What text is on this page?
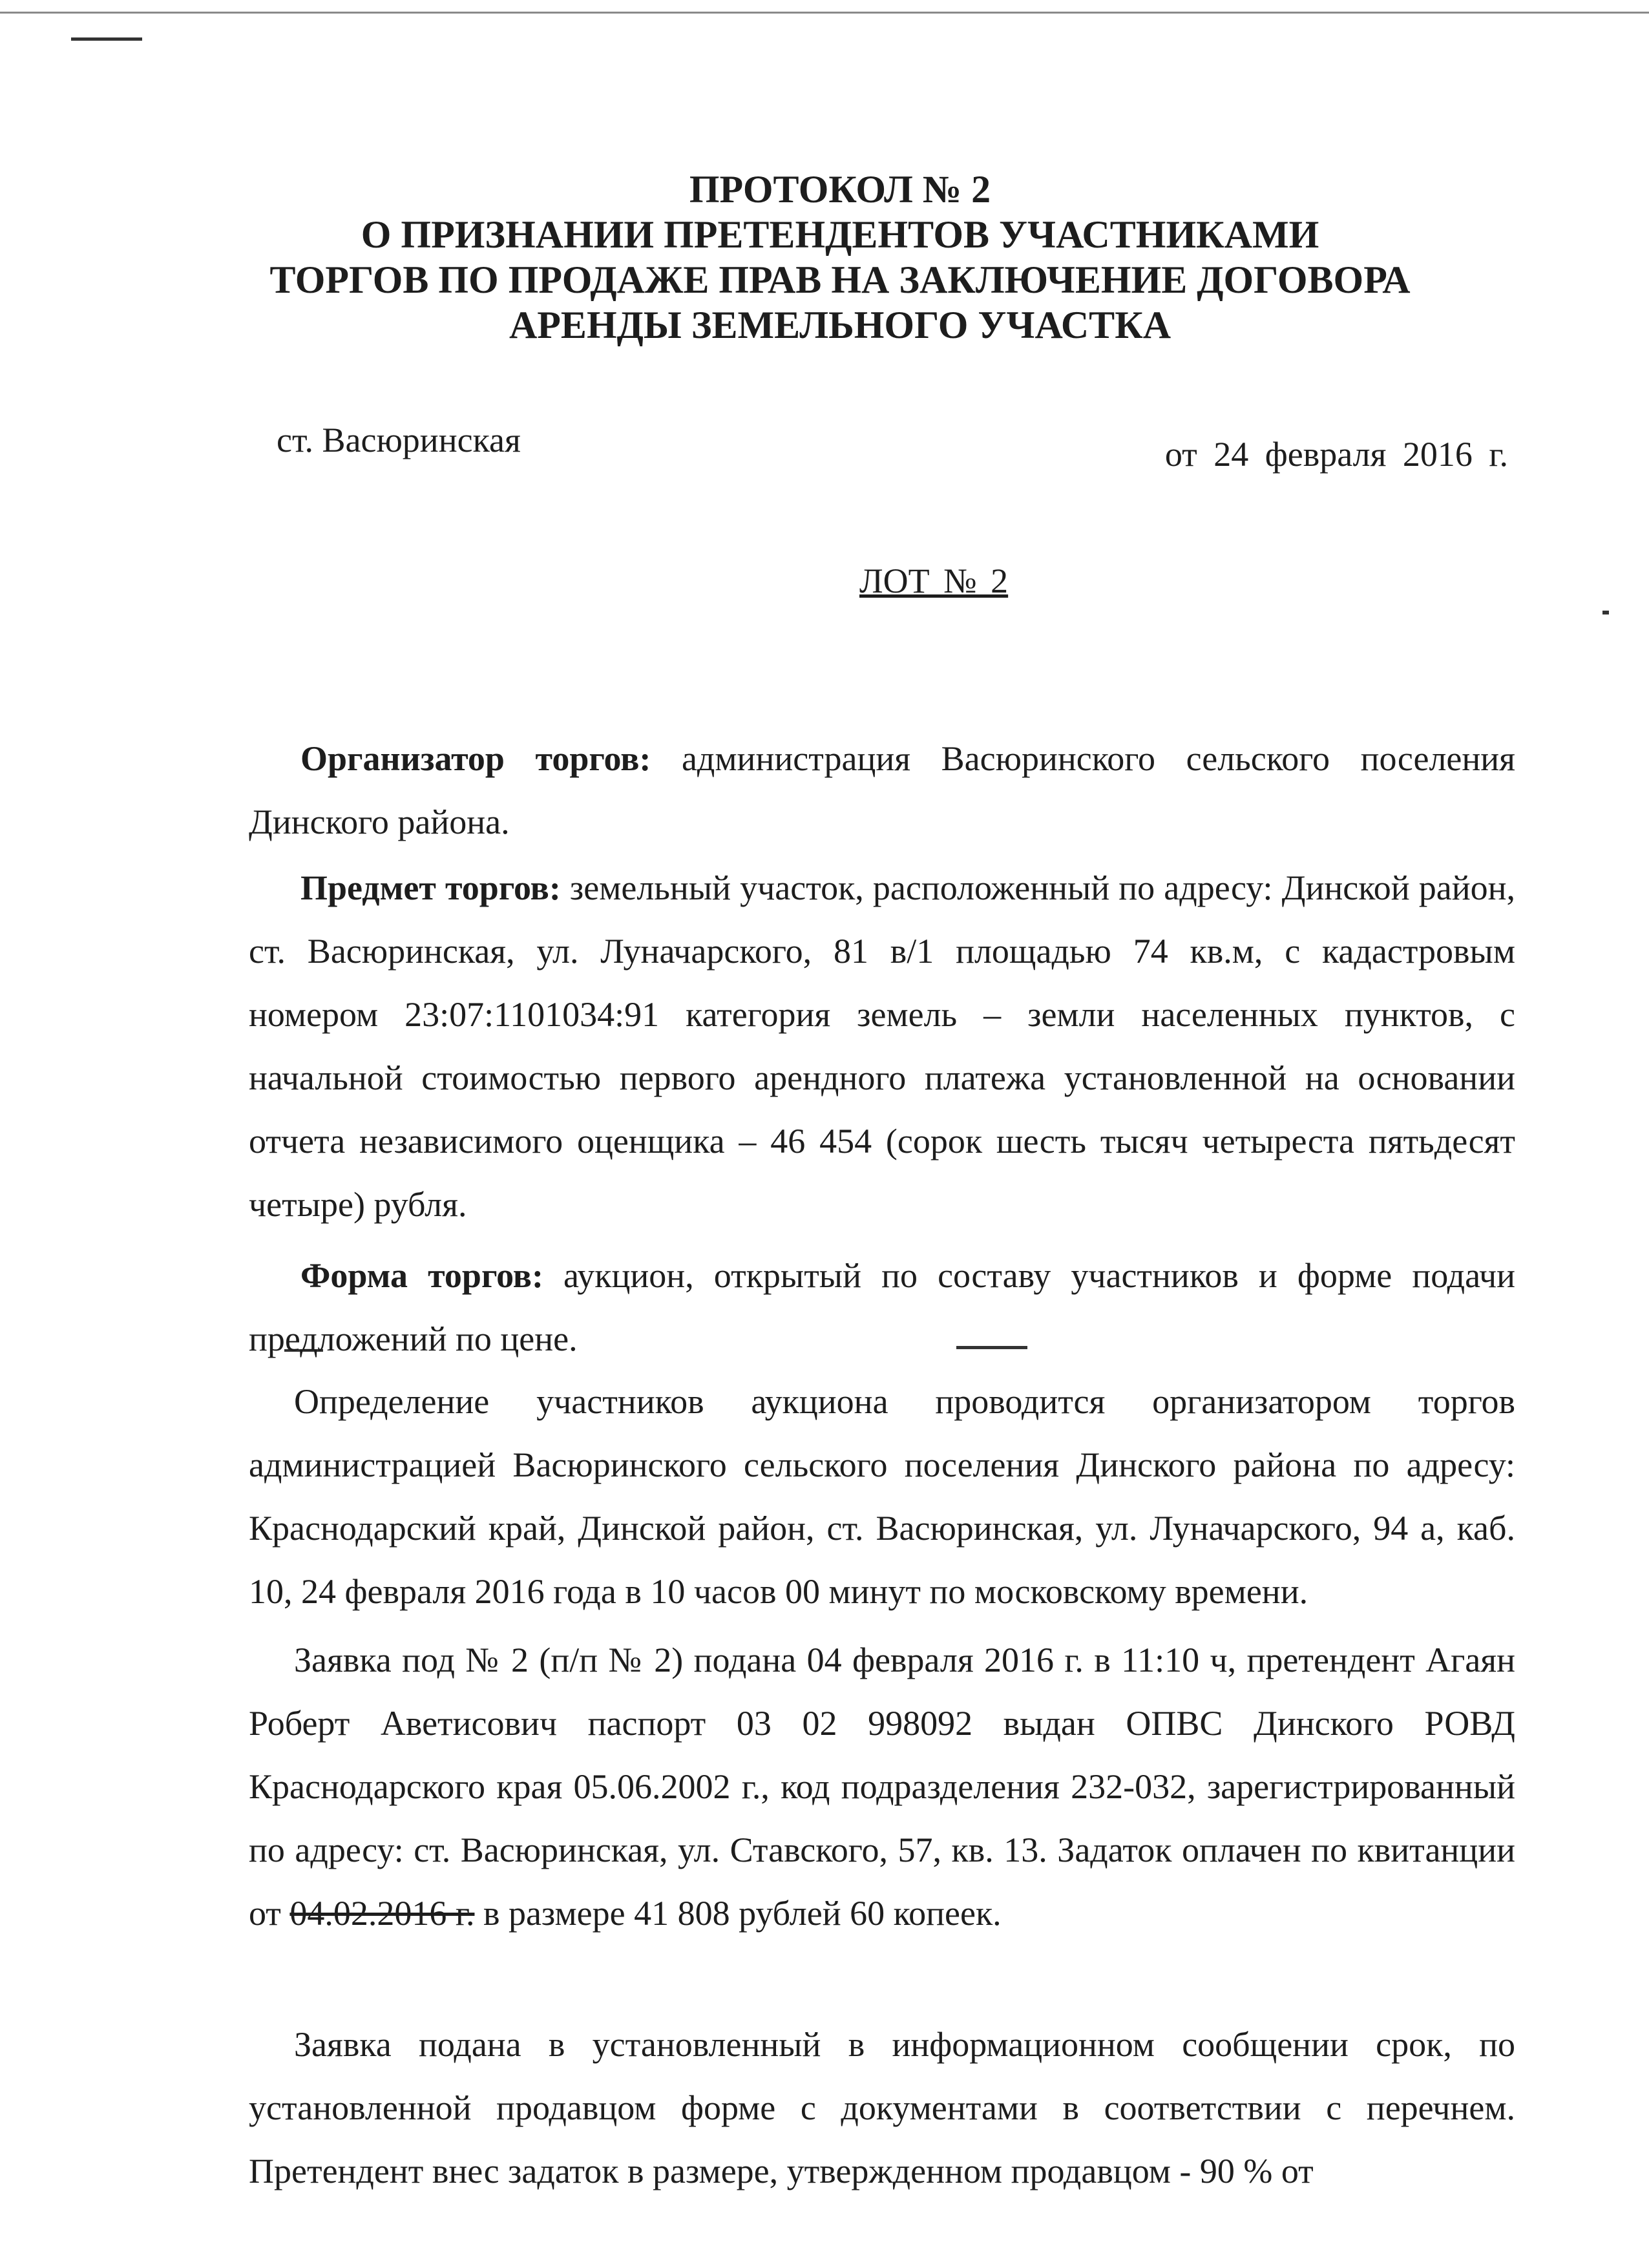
ПРОТОКОЛ № 2
О ПРИЗНАНИИ ПРЕТЕНДЕНТОВ УЧАСТНИКАМИ
ТОРГОВ ПО ПРОДАЖЕ ПРАВ НА ЗАКЛЮЧЕНИЕ ДОГОВОРА
АРЕНДЫ ЗЕМЕЛЬНОГО УЧАСТКА
ст. Васюринская	от 24 февраля 2016 г.
ЛОТ № 2
Организатор торгов: администрация Васюринского сельского поселения Динского района.
Предмет торгов: земельный участок, расположенный по адресу: Динской район, ст. Васюринская, ул. Луначарского, 81 в/1 площадью 74 кв.м, с кадастровым номером 23:07:1101034:91 категория земель – земли населенных пунктов, с начальной стоимостью первого арендного платежа установленной на основании отчета независимого оценщика – 46 454 (сорок шесть тысяч четыреста пятьдесят четыре) рубля.
Форма торгов: аукцион, открытый по составу участников и форме подачи предложений по цене.
Определение участников аукциона проводится организатором торгов администрацией Васюринского сельского поселения Динского района по адресу: Краснодарский край, Динской район, ст. Васюринская, ул. Луначарского, 94 а, каб. 10, 24 февраля 2016 года в 10 часов 00 минут по московскому времени.
Заявка под № 2 (п/п № 2) подана 04 февраля 2016 г. в 11:10 ч, претендент Агаян Роберт Аветисович паспорт 03 02 998092 выдан ОПВС Динского РОВД Краснодарского края 05.06.2002 г., код подразделения 232-032, зарегистрированный по адресу: ст. Васюринская, ул. Ставского, 57, кв. 13. Задаток оплачен по квитанции от 04.02.2016 г. в размере 41 808 рублей 60 копеек.
Заявка подана в установленный в информационном сообщении срок, по установленной продавцом форме с документами в соответствии с перечнем. Претендент внес задаток в размере, утвержденном продавцом - 90 % от
